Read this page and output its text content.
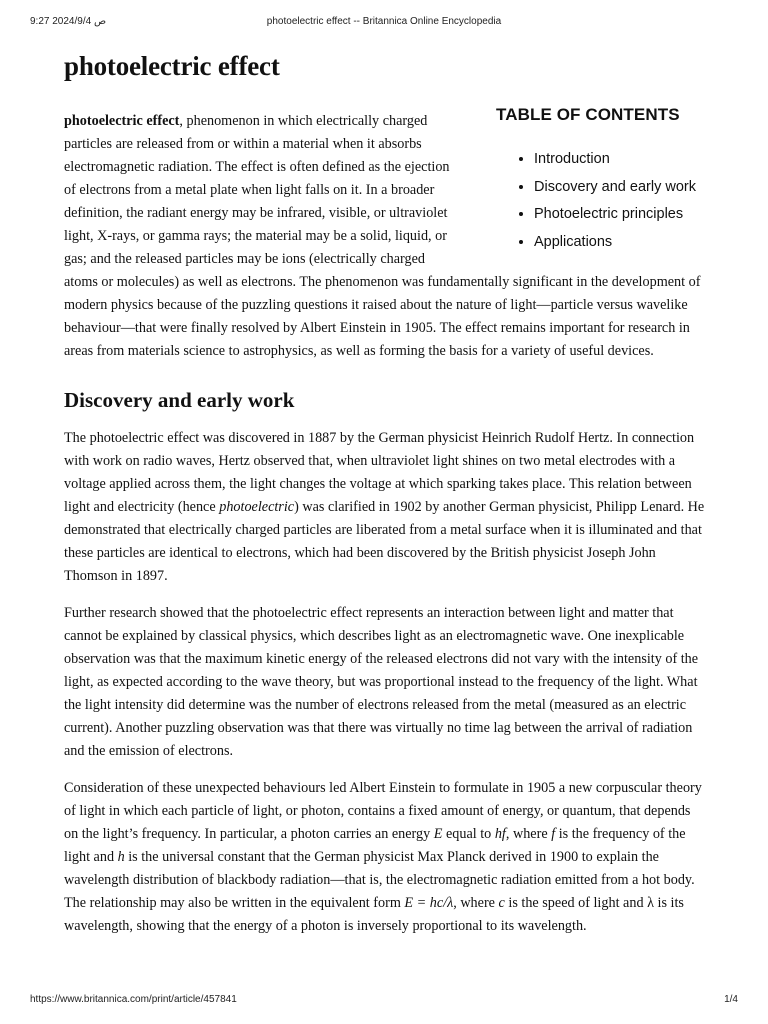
9:27 ص 2024/9/4	photoelectric effect -- Britannica Online Encyclopedia
photoelectric effect
TABLE OF CONTENTS
• Introduction
• Discovery and early work
• Photoelectric principles
• Applications

photoelectric effect, phenomenon in which electrically charged particles are released from or within a material when it absorbs electromagnetic radiation. The effect is often defined as the ejection of electrons from a metal plate when light falls on it. In a broader definition, the radiant energy may be infrared, visible, or ultraviolet light, X-rays, or gamma rays; the material may be a solid, liquid, or gas; and the released particles may be ions (electrically charged atoms or molecules) as well as electrons. The phenomenon was fundamentally significant in the development of modern physics because of the puzzling questions it raised about the nature of light—particle versus wavelike behaviour—that were finally resolved by Albert Einstein in 1905. The effect remains important for research in areas from materials science to astrophysics, as well as forming the basis for a variety of useful devices.

Discovery and early work

The photoelectric effect was discovered in 1887 by the German physicist Heinrich Rudolf Hertz. In connection with work on radio waves, Hertz observed that, when ultraviolet light shines on two metal electrodes with a voltage applied across them, the light changes the voltage at which sparking takes place. This relation between light and electricity (hence photoelectric) was clarified in 1902 by another German physicist, Philipp Lenard. He demonstrated that electrically charged particles are liberated from a metal surface when it is illuminated and that these particles are identical to electrons, which had been discovered by the British physicist Joseph John Thomson in 1897.

Further research showed that the photoelectric effect represents an interaction between light and matter that cannot be explained by classical physics, which describes light as an electromagnetic wave. One inexplicable observation was that the maximum kinetic energy of the released electrons did not vary with the intensity of the light, as expected according to the wave theory, but was proportional instead to the frequency of the light. What the light intensity did determine was the number of electrons released from the metal (measured as an electric current). Another puzzling observation was that there was virtually no time lag between the arrival of radiation and the emission of electrons.

Consideration of these unexpected behaviours led Albert Einstein to formulate in 1905 a new corpuscular theory of light in which each particle of light, or photon, contains a fixed amount of energy, or quantum, that depends on the light’s frequency. In particular, a photon carries an energy E equal to hf, where f is the frequency of the light and h is the universal constant that the German physicist Max Planck derived in 1900 to explain the wavelength distribution of blackbody radiation—that is, the electromagnetic radiation emitted from a hot body. The relationship may also be written in the equivalent form E = hc/λ, where c is the speed of light and λ is its wavelength, showing that the energy of a photon is inversely proportional to its wavelength.

https://www.britannica.com/print/article/457841	1/4
